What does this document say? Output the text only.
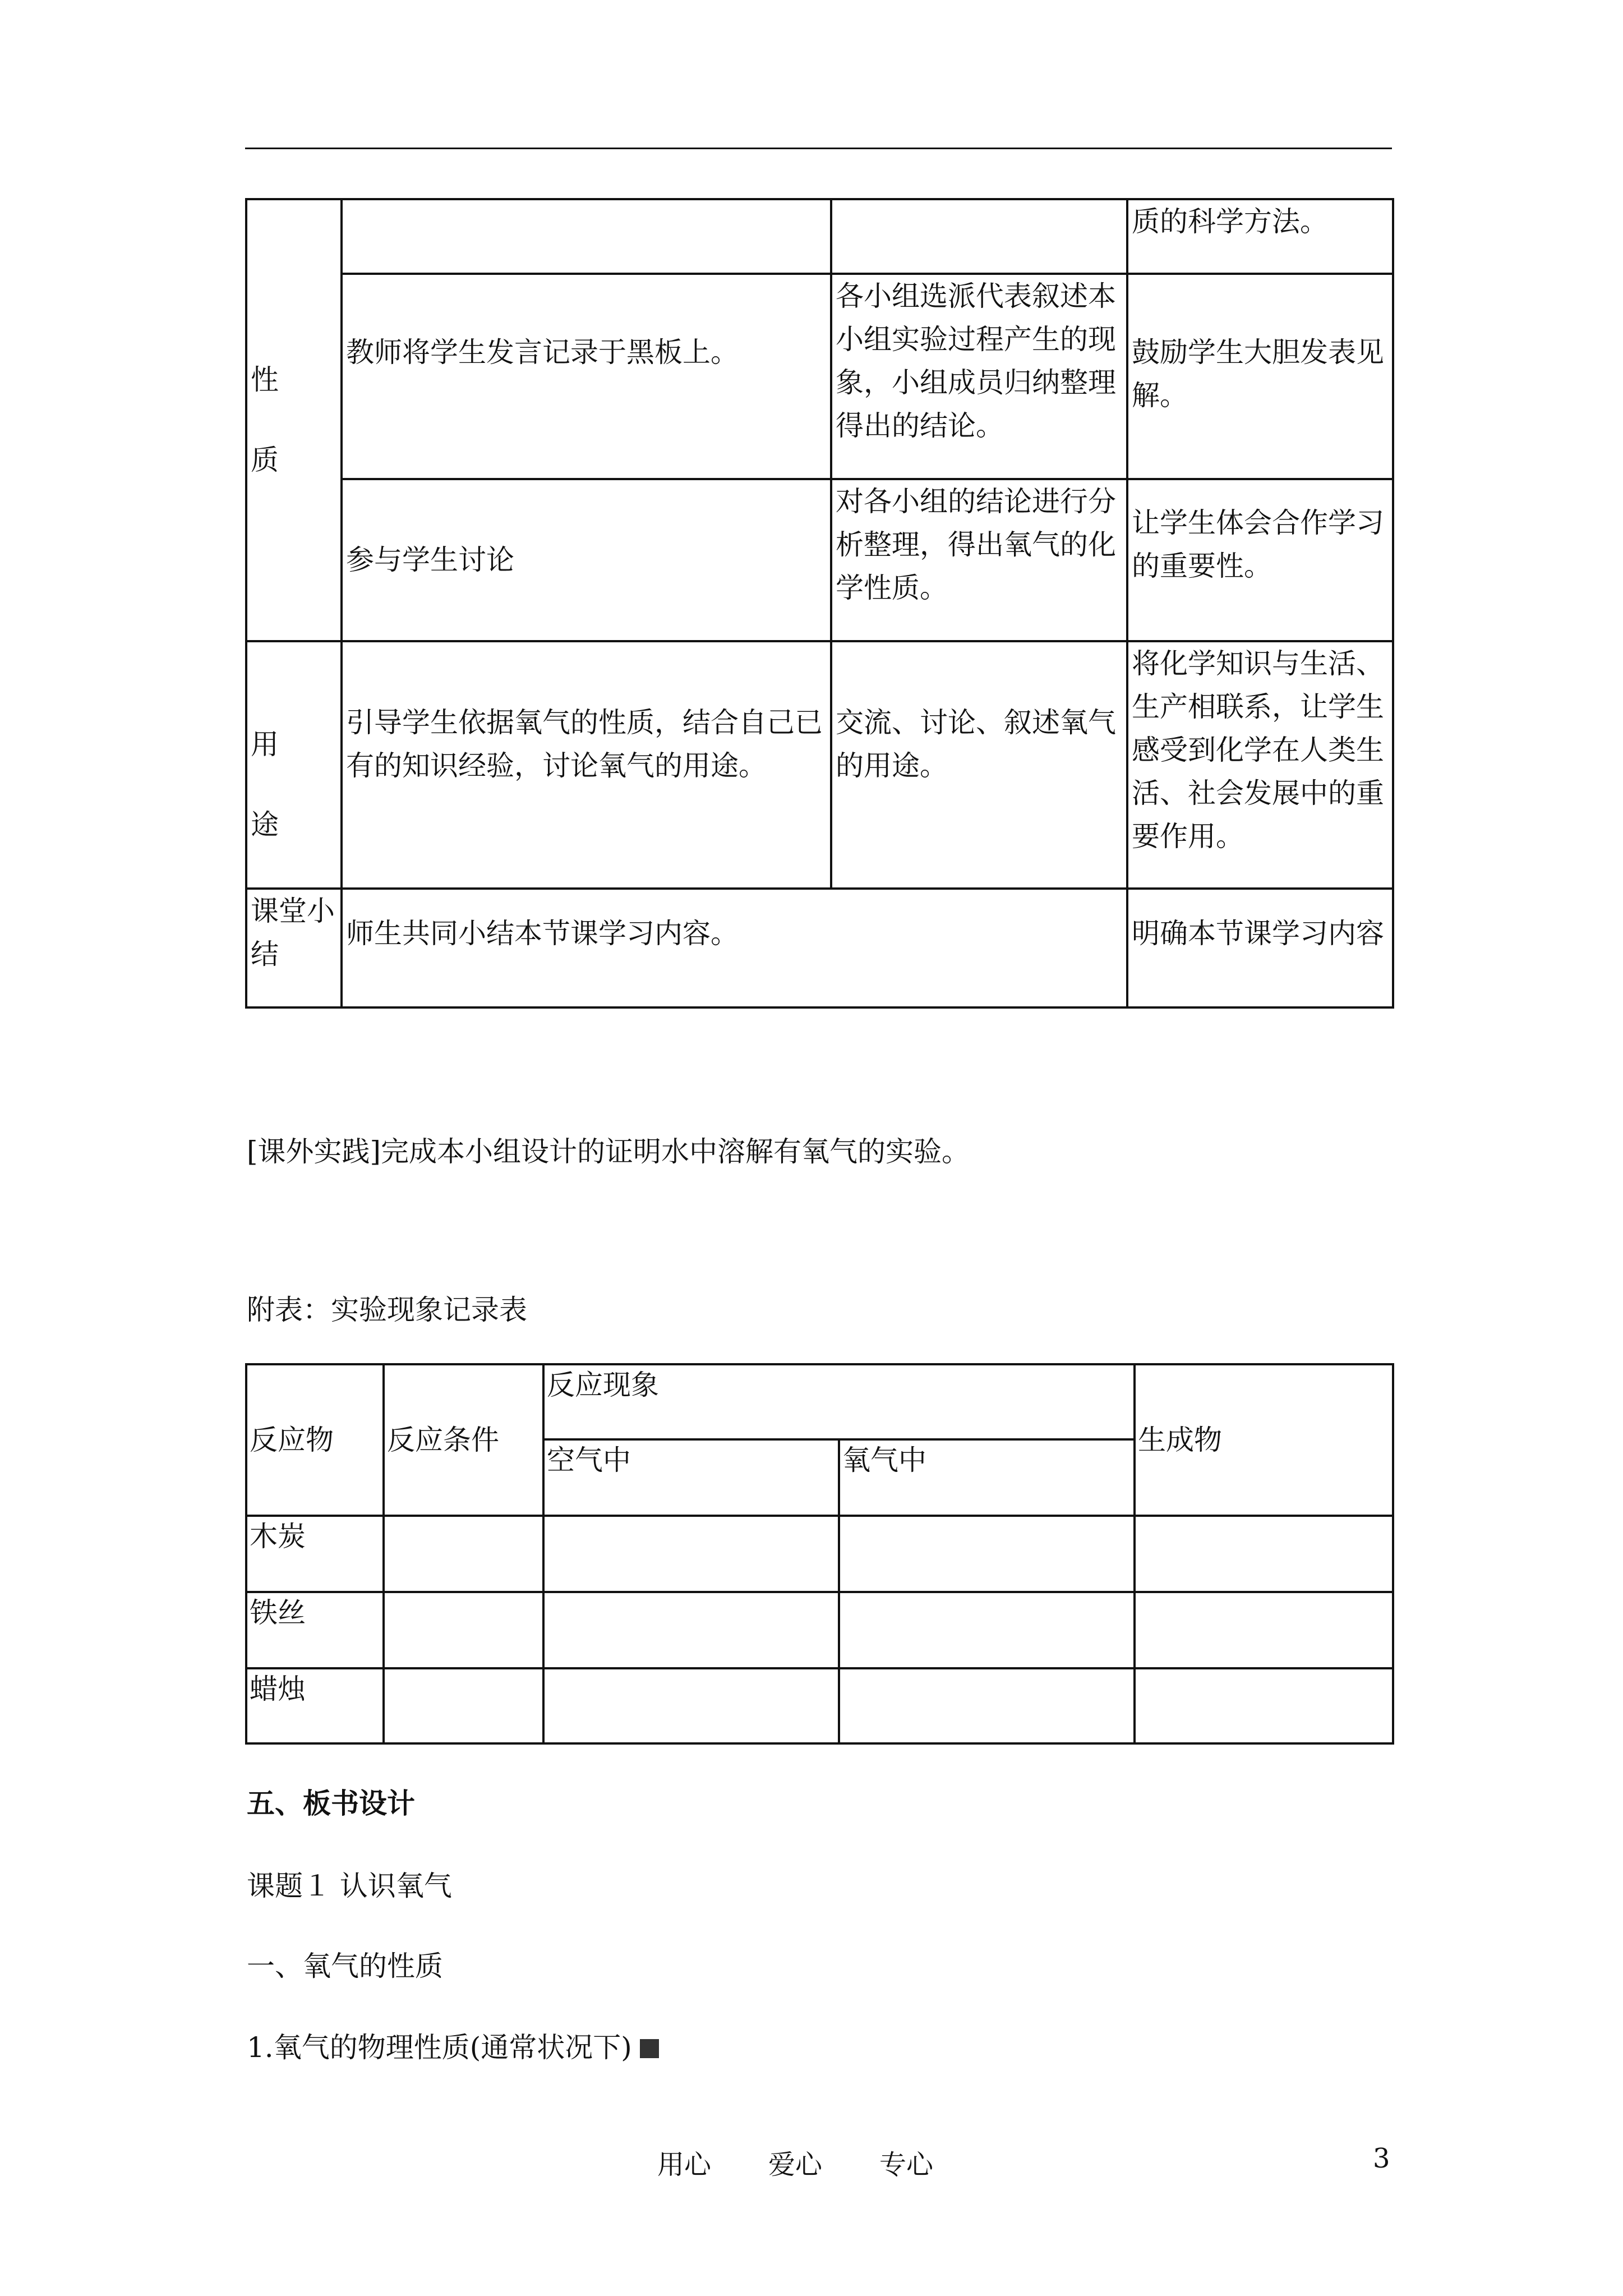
性
质			质的科学方法。
	教师将学生发言记录于黑板上。	各小组选派代表叙述本小组实验过程产生的现象，小组成员归纳整理得出的结论。	鼓励学生大胆发表见解。
	参与学生讨论	对各小组的结论进行分析整理，得出氧气的化学性质。	让学生体会合作学习的重要性。
用
途	引导学生依据氧气的性质，结合自己已有的知识经验，讨论氧气的用途。	交流、讨论、叙述氧气的用途。	将化学知识与生活、生产相联系，让学生感受到化学在人类生活、社会发展中的重要作用。
课堂小结	师生共同小结本节课学习内容。		明确本节课学习内容
[课外实践]完成本小组设计的证明水中溶解有氧气的实验。
附表：实验现象记录表
反应物	反应条件	反应现象		生成物
		空气中	氧气中	
木炭				
铁丝				
蜡烛				
五、板书设计
课题１ 认识氧气
一、氧气的性质
1.氧气的物理性质(通常状况下)
用心 爱心 专心	3
